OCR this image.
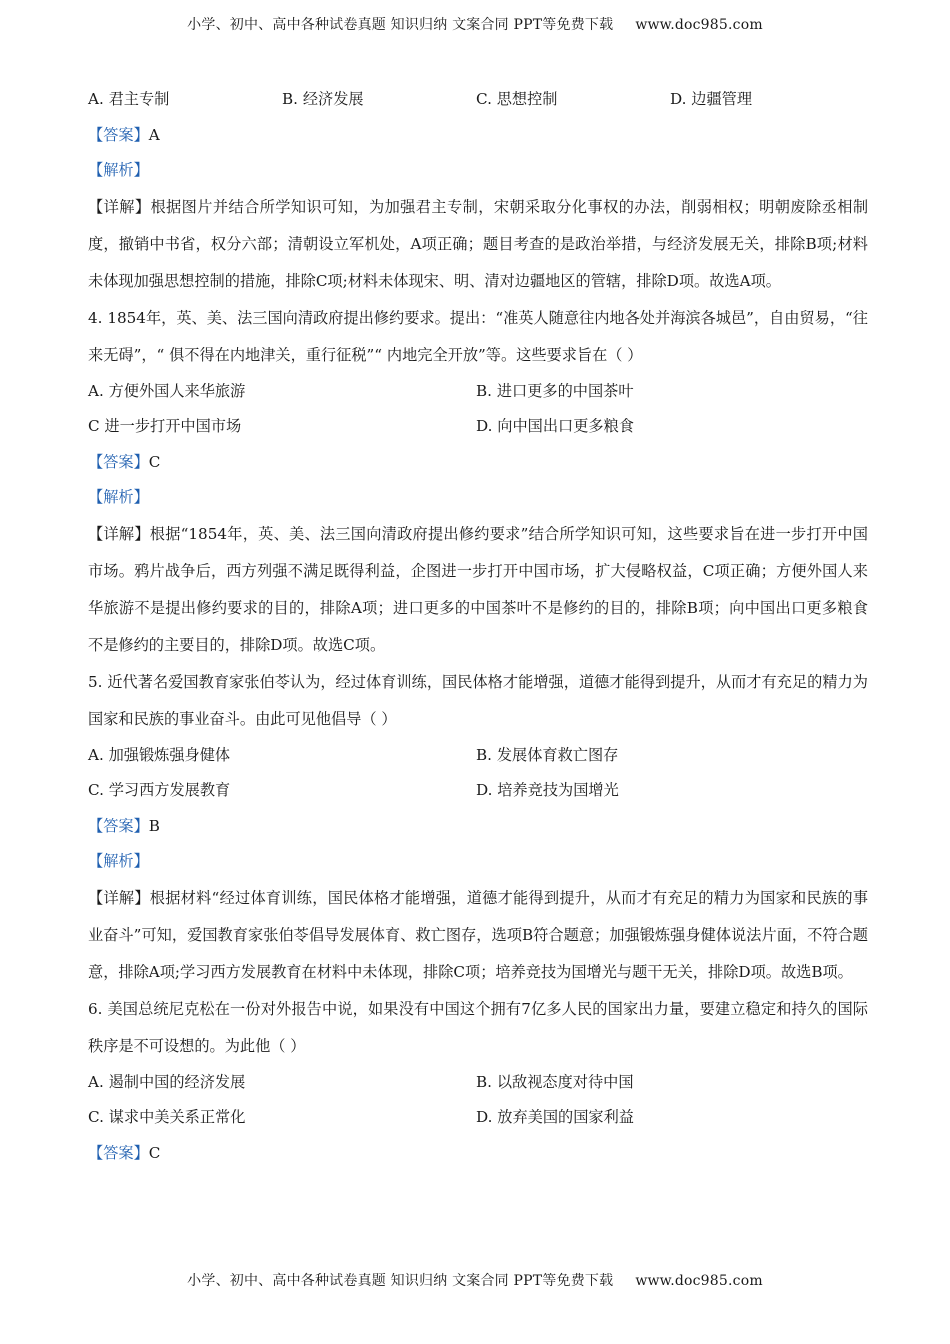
小学、初中、高中各种试卷真题 知识归纳 文案合同 PPT等免费下载 www.doc985.com
A. 君主专制	B. 经济发展	C. 思想控制	D. 边疆管理
【答案】A
【解析】

【详解】根据图片并结合所学知识可知，为加强君主专制，宋朝采取分化事权的办法，削弱相权；明朝废除丞相制度，撤销中书省，权分六部；清朝设立军机处，A项正确；题目考查的是政治举措，与经济发展无关，排除B项;材料未体现加强思想控制的措施，排除C项;材料未体现宋、明、清对边疆地区的管辖，排除D项。故选A项。

4. 1854年，英、美、法三国向清政府提出修约要求。提出：“准英人随意往内地各处并海滨各城邑”，自由贸易，“往来无碍”，“ 俱不得在内地津关，重行征税”“ 内地完全开放”等。这些要求旨在（ ）

A. 方便外国人来华旅游	B. 进口更多的中国茶叶
C 进一步打开中国市场	D. 向中国出口更多粮食
【答案】C
【解析】

【详解】根据“1854年，英、美、法三国向清政府提出修约要求”结合所学知识可知，这些要求旨在进一步打开中国市场。鸦片战争后，西方列强不满足既得利益，企图进一步打开中国市场，扩大侵略权益，C项正确；方便外国人来华旅游不是提出修约要求的目的，排除A项；进口更多的中国茶叶不是修约的目的，排除B项；向中国出口更多粮食不是修约的主要目的，排除D项。故选C项。

5. 近代著名爱国教育家张伯苓认为，经过体育训练，国民体格才能增强，道德才能得到提升，从而才有充足的精力为国家和民族的事业奋斗。由此可见他倡导（ ）

A. 加强锻炼强身健体	B. 发展体育救亡图存
C. 学习西方发展教育	D. 培养竞技为国增光
【答案】B
【解析】

【详解】根据材料“经过体育训练，国民体格才能增强，道德才能得到提升，从而才有充足的精力为国家和民族的事业奋斗”可知，爱国教育家张伯苓倡导发展体育、救亡图存，选项B符合题意；加强锻炼强身健体说法片面，不符合题意，排除A项;学习西方发展教育在材料中未体现，排除C项；培养竞技为国增光与题干无关，排除D项。故选B项。

6. 美国总统尼克松在一份对外报告中说，如果没有中国这个拥有7亿多人民的国家出力量，要建立稳定和持久的国际秩序是不可设想的。为此他（ ）

A. 遏制中国的经济发展	B. 以敌视态度对待中国
C. 谋求中美关系正常化	D. 放弃美国的国家利益
【答案】C
小学、初中、高中各种试卷真题 知识归纳 文案合同 PPT等免费下载 www.doc985.com
